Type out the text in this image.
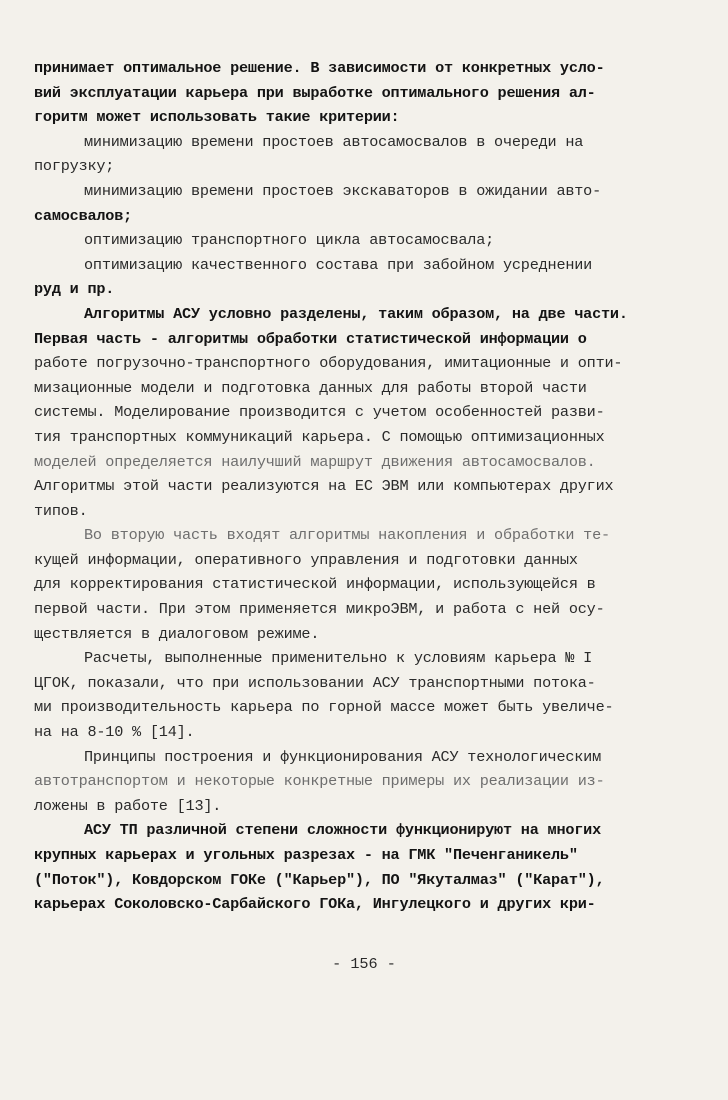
принимает оптимальное решение. В зависимости от конкретных усло-
вий эксплуатации карьера при выработке оптимального решения ал-
горитм может использовать такие критерии:
минимизацию времени простоев автосамосвалов в очереди на
погрузку;
минимизацию времени простоев экскаваторов в ожидании авто-
самосвалов;
оптимизацию транспортного цикла автосамосвала;
оптимизацию качественного состава при забойном усреднении
руд и пр.
Алгоритмы АСУ условно разделены, таким образом, на две части.
Первая часть - алгоритмы обработки статистической информации о
работе погрузочно-транспортного оборудования, имитационные и опти-
мизационные модели и подготовка данных для работы второй части
системы. Моделирование производится с учетом особенностей разви-
тия транспортных коммуникаций карьера. С помощью оптимизационных
моделей определяется наилучший маршрут движения автосамосвалов.
Алгоритмы этой части реализуются на ЕС ЭВМ или компьютерах других
типов.
Во вторую часть входят алгоритмы накопления и обработки те-
кущей информации, оперативного управления и подготовки данных
для корректирования статистической информации, использующейся в
первой части. При этом применяется микроЭВМ, и работа с ней осу-
ществляется в диалоговом режиме.
Расчеты, выполненные применительно к условиям карьера № I
ЦГОК, показали, что при использовании АСУ транспортными потока-
ми производительность карьера по горной массе может быть увеличе-
на на 8-10 % [14].
Принципы построения и функционирования АСУ технологическим
автотранспортом и некоторые конкретные примеры их реализации из-
ложены в работе [13].
АСУ ТП различной степени сложности функционируют на многих
крупных карьерах и угольных разрезах - на ГМК "Печенганикель"
("Поток"), Ковдорском ГОКе ("Карьер"), ПО "Якуталмаз" ("Карат"),
карьерах Соколовско-Сарбайского ГОКа, Ингулецкого и других кри-
- 156 -
